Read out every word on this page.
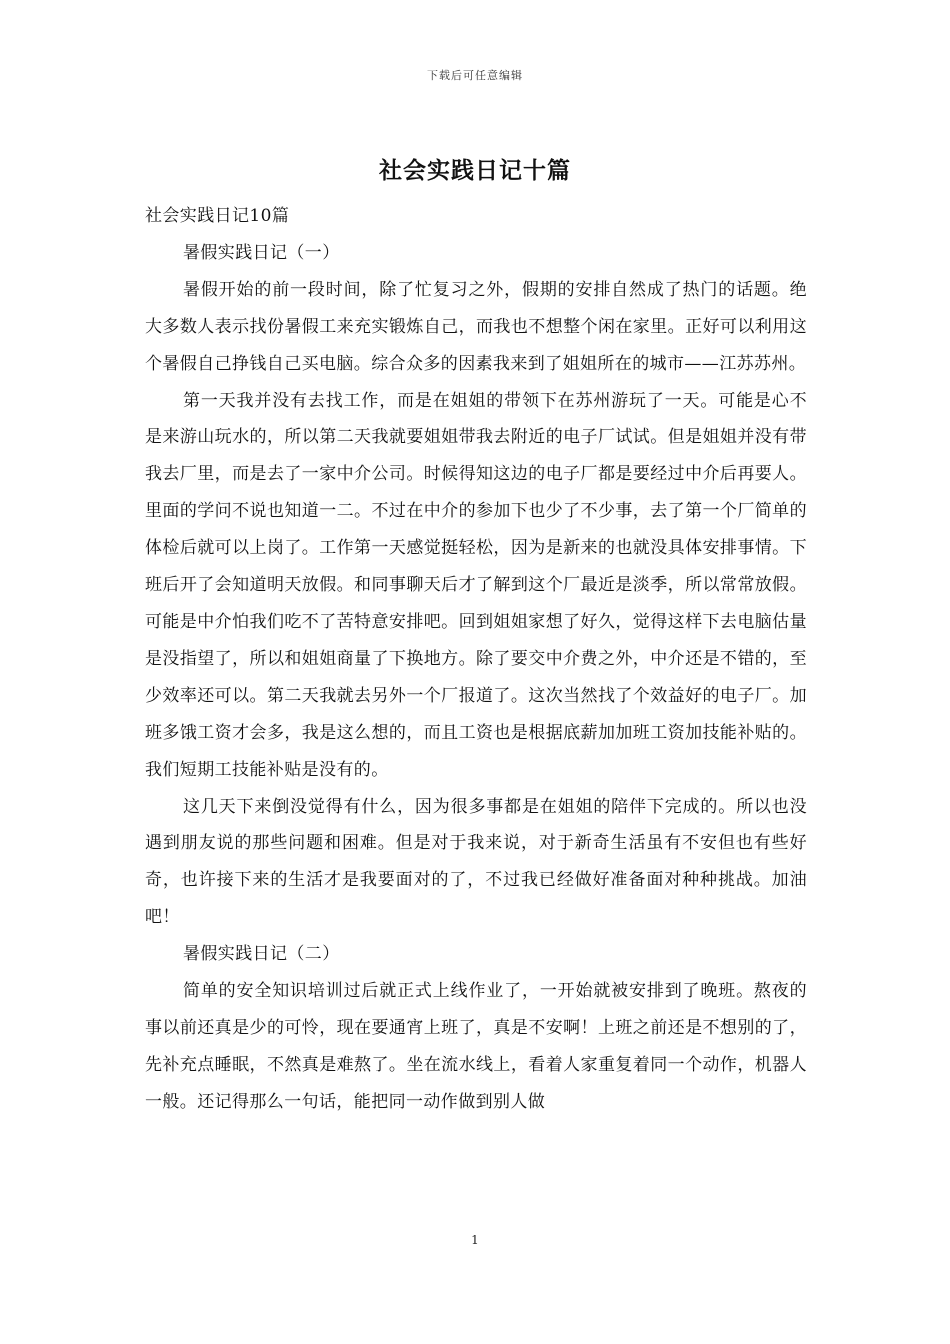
下载后可任意编辑
社会实践日记十篇

社会实践日记10篇

暑假实践日记（一）

暑假开始的前一段时间，除了忙复习之外，假期的安排自然成了热门的话题。绝大多数人表示找份暑假工来充实锻炼自己，而我也不想整个闲在家里。正好可以利用这个暑假自己挣钱自己买电脑。综合众多的因素我来到了姐姐所在的城市——江苏苏州。

第一天我并没有去找工作，而是在姐姐的带领下在苏州游玩了一天。可能是心不是来游山玩水的，所以第二天我就要姐姐带我去附近的电子厂试试。但是姐姐并没有带我去厂里，而是去了一家中介公司。时候得知这边的电子厂都是要经过中介后再要人。里面的学问不说也知道一二。不过在中介的参加下也少了不少事，去了第一个厂简单的体检后就可以上岗了。工作第一天感觉挺轻松，因为是新来的也就没具体安排事情。下班后开了会知道明天放假。和同事聊天后才了解到这个厂最近是淡季，所以常常放假。可能是中介怕我们吃不了苦特意安排吧。回到姐姐家想了好久，觉得这样下去电脑估量是没指望了，所以和姐姐商量了下换地方。除了要交中介费之外，中介还是不错的，至少效率还可以。第二天我就去另外一个厂报道了。这次当然找了个效益好的电子厂。加班多饿工资才会多，我是这么想的，而且工资也是根据底薪加加班工资加技能补贴的。我们短期工技能补贴是没有的。

这几天下来倒没觉得有什么，因为很多事都是在姐姐的陪伴下完成的。所以也没遇到朋友说的那些问题和困难。但是对于我来说，对于新奇生活虽有不安但也有些好奇，也许接下来的生活才是我要面对的了，不过我已经做好准备面对种种挑战。加油吧！

暑假实践日记（二）

简单的安全知识培训过后就正式上线作业了，一开始就被安排到了晚班。熬夜的事以前还真是少的可怜，现在要通宵上班了，真是不安啊！上班之前还是不想别的了，先补充点睡眠，不然真是难熬了。坐在流水线上，看着人家重复着同一个动作，机器人一般。还记得那么一句话，能把同一动作做到别人做

1
